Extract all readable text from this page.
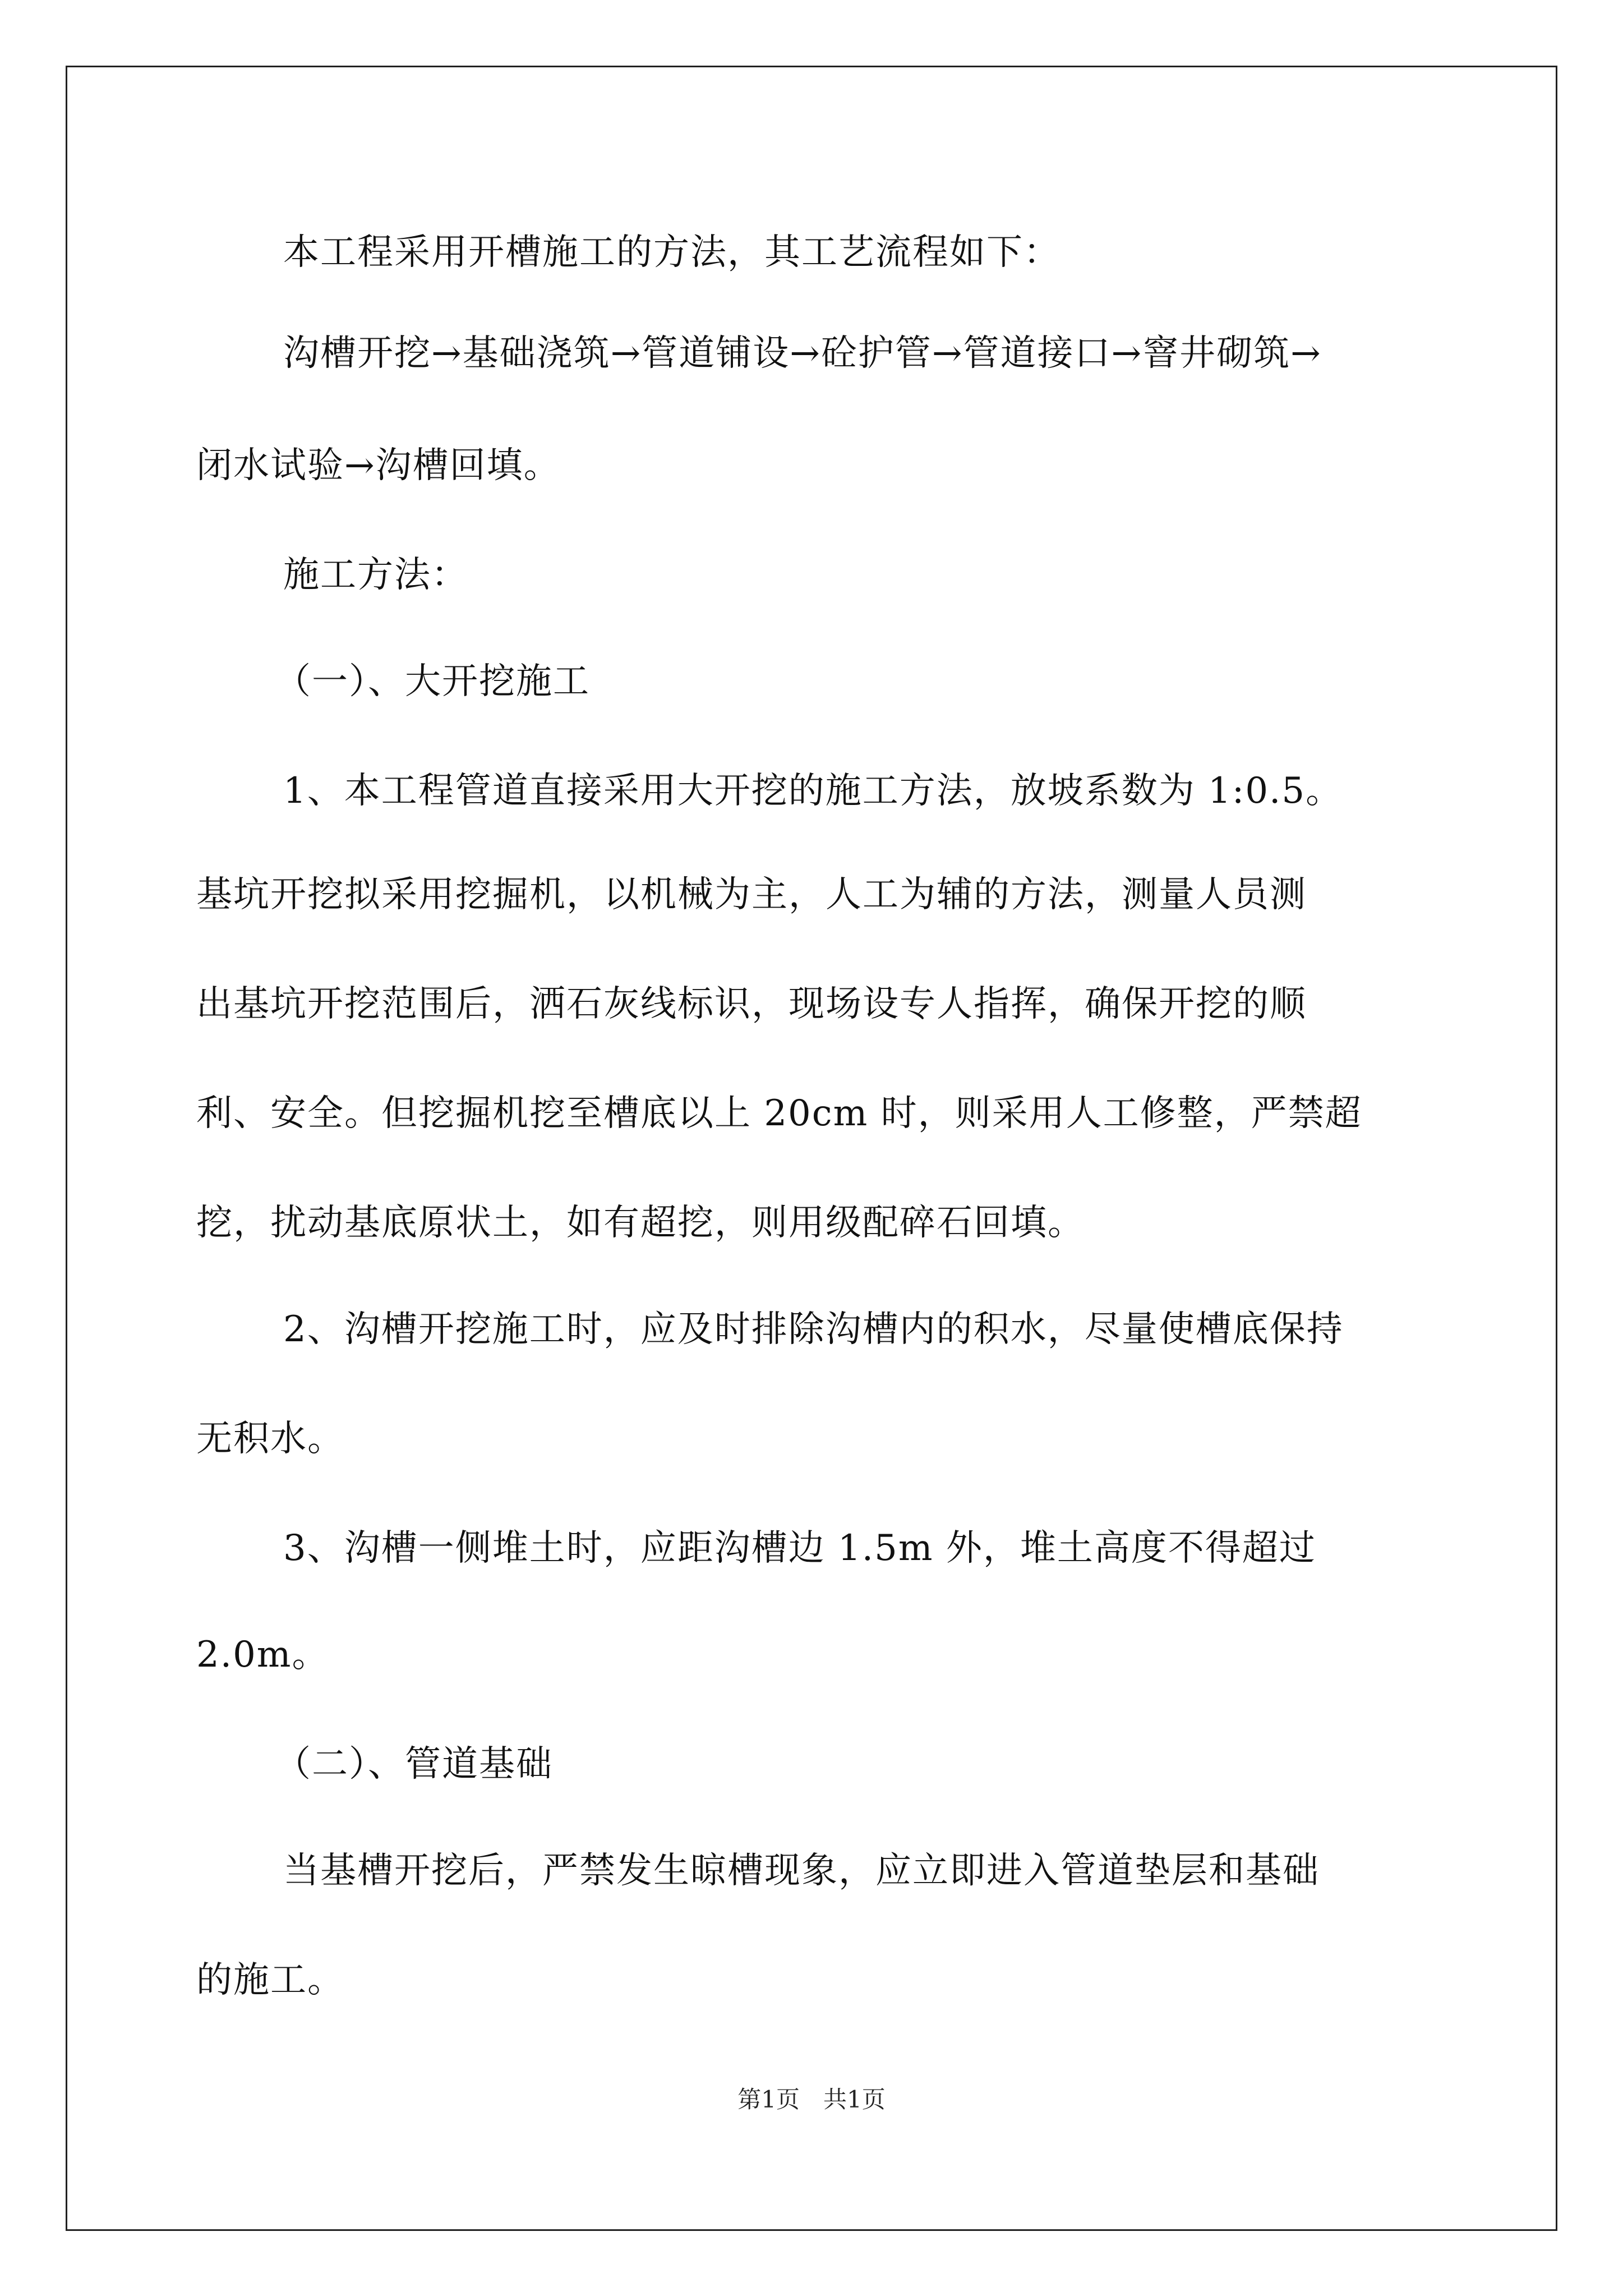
本工程采用开槽施工的方法，其工艺流程如下：
沟槽开挖→基础浇筑→管道铺设→砼护管→管道接口→窨井砌筑→
闭水试验→沟槽回填。
施工方法：
（一）、大开挖施工
1、本工程管道直接采用大开挖的施工方法，放坡系数为 1:0.5。
基坑开挖拟采用挖掘机，以机械为主，人工为辅的方法，测量人员测
出基坑开挖范围后，洒石灰线标识，现场设专人指挥，确保开挖的顺
利、安全。但挖掘机挖至槽底以上 20cm 时，则采用人工修整，严禁超
挖，扰动基底原状土，如有超挖，则用级配碎石回填。
2、沟槽开挖施工时，应及时排除沟槽内的积水，尽量使槽底保持
无积水。
3、沟槽一侧堆土时，应距沟槽边 1.5m 外，堆土高度不得超过
2.0m。
（二）、管道基础
当基槽开挖后，严禁发生晾槽现象，应立即进入管道垫层和基础
的施工。
第1页　共1页
